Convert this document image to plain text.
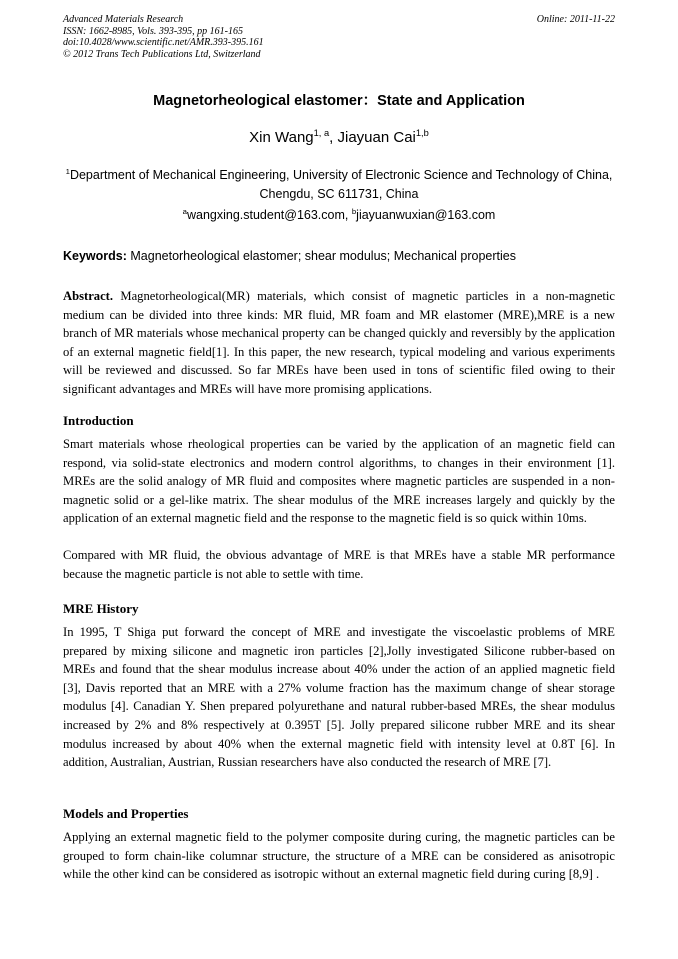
Advanced Materials Research
ISSN: 1662-8985, Vols. 393-395, pp 161-165
doi:10.4028/www.scientific.net/AMR.393-395.161
© 2012 Trans Tech Publications Ltd, Switzerland
Online: 2011-11-22
Magnetorheological elastomer：State and Application
Xin Wang$^{1, a}$, Jiayuan Cai$^{1,b}$
$^1$Department of Mechanical Engineering, University of Electronic Science and Technology of China,
Chengdu, SC 611731, China
$^a$wangxing.student@163.com, $^b$jiayuanwuxian@163.com
Keywords: Magnetorheological elastomer; shear modulus; Mechanical properties

Abstract. Magnetorheological(MR) materials, which consist of magnetic particles in a non-magnetic medium can be divided into three kinds: MR fluid, MR foam and MR elastomer (MRE),MRE is a new branch of MR materials whose mechanical property can be changed quickly and reversibly by the application of an external magnetic field[1]. In this paper, the new research, typical modeling and various experiments will be reviewed and discussed. So far MREs have been used in tons of scientific filed owing to their significant advantages and MREs will have more promising applications.

Introduction

Smart materials whose rheological properties can be varied by the application of an magnetic field can respond, via solid-state electronics and modern control algorithms, to changes in their environment [1]. MREs are the solid analogy of MR fluid and composites where magnetic particles are suspended in a non-magnetic solid or a gel-like matrix. The shear modulus of the MRE increases largely and quickly by the application of an external magnetic field and the response to the magnetic field is so quick within 10ms.

Compared with MR fluid, the obvious advantage of MRE is that MREs have a stable MR performance because the magnetic particle is not able to settle with time.

MRE History

In 1995, T Shiga put forward the concept of MRE and investigate the viscoelastic problems of MRE prepared by mixing silicone and magnetic iron particles [2],Jolly investigated Silicone rubber-based on MREs and found that the shear modulus increase about 40% under the action of an applied magnetic field [3], Davis reported that an MRE with a 27% volume fraction has the maximum change of shear storage modulus [4]. Canadian Y. Shen prepared polyurethane and natural rubber-based MREs, the shear modulus increased by 2% and 8% respectively at 0.395T [5]. Jolly prepared silicone rubber MRE and its shear modulus increased by about 40% when the external magnetic field with intensity level at 0.8T [6]. In addition, Australian, Austrian, Russian researchers have also conducted the research of MRE [7].

Models and Properties

Applying an external magnetic field to the polymer composite during curing, the magnetic particles can be grouped to form chain-like columnar structure, the structure of a MRE can be considered as anisotropic while the other kind can be considered as isotropic without an external magnetic field during curing [8,9] .
